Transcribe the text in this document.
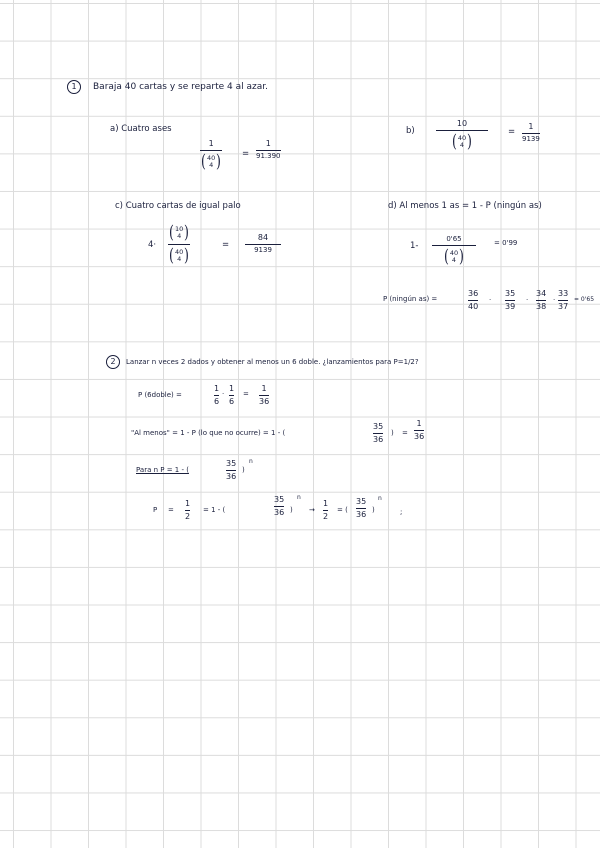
1 Baraja 40 cartas y se reparte 4 al azar.
a) Cuatro ases
1
( 40
4 ) =
1
91.390
b)
10
( 40
4 )	=
1
9139
c) Cuatro cartas de igual palo
4·
( 10
4 )
( 40
4 )	=
84
9139
d) Al menos 1 as = 1 - P (ningún as)
1-
0'65
( 40
4 )
= 0'99
P (ningún as) =
36
40
·
35
39
·
34
38
·
33
37
= 0'65
2 Lanzar n veces 2 dados y obtener al menos un 6 doble. ¿lanzamientos para P=1/2?
P (6doble) =
1
6
·
1
6
=
1
36
"Al menos" = 1 - P (lo que no ocurre) = 1 - (
35
36
) =
1
36
Para n P = 1 - (
35
36
)
n
P =
1
2
= 1 - (
35
36 )
n
→
1
2
= (
35
36 )
n
;
